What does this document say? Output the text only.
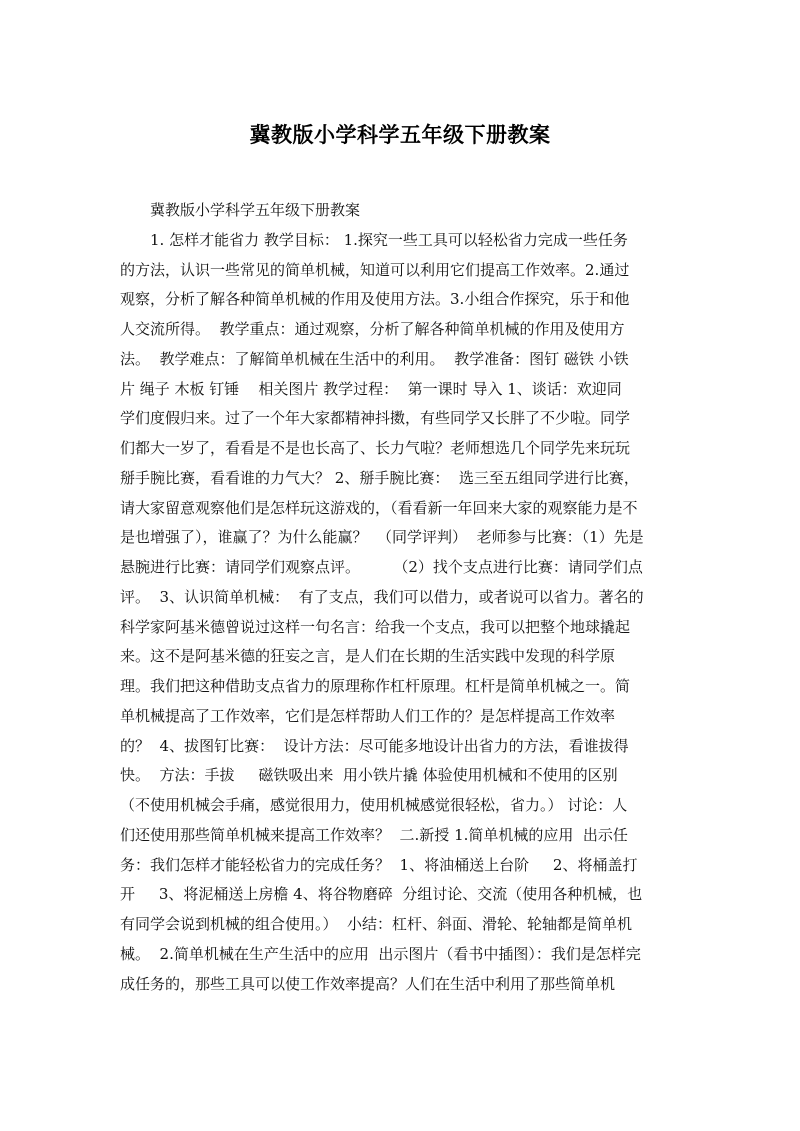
冀教版小学科学五年级下册教案
冀教版小学科学五年级下册教案
1. 怎样才能省力 教学目标： 1.探究一些工具可以轻松省力完成一些任务
的方法，认识一些常见的简单机械，知道可以利用它们提高工作效率。2.通过
观察，分析了解各种简单机械的作用及使用方法。3.小组合作探究，乐于和他
人交流所得。  教学重点：通过观察，分析了解各种简单机械的作用及使用方
法。  教学难点：了解简单机械在生活中的利用。  教学准备：图钉 磁铁 小铁
片 绳子 木板 钉锤    相关图片 教学过程：  第一课时 导入 1、谈话：欢迎同
学们度假归来。过了一个年大家都精神抖擞，有些同学又长胖了不少啦。同学
们都大一岁了，看看是不是也长高了、长力气啦？老师想选几个同学先来玩玩
掰手腕比赛，看看谁的力气大？ 2、掰手腕比赛：  选三至五组同学进行比赛，
请大家留意观察他们是怎样玩这游戏的，（看看新一年回来大家的观察能力是不
是也增强了），谁赢了？为什么能赢？  （同学评判）  老师参与比赛：（1）先是
悬腕进行比赛：请同学们观察点评。       （2）找个支点进行比赛：请同学们点
评。  3、认识简单机械：  有了支点，我们可以借力，或者说可以省力。著名的
科学家阿基米德曾说过这样一句名言：给我一个支点，我可以把整个地球撬起
来。这不是阿基米德的狂妄之言，是人们在长期的生活实践中发现的科学原
理。我们把这种借助支点省力的原理称作杠杆原理。杠杆是简单机械之一。简
单机械提高了工作效率，它们是怎样帮助人们工作的？是怎样提高工作效率
的？  4、拔图钉比赛：  设计方法：尽可能多地设计出省力的方法，看谁拔得
快。  方法：手拔     磁铁吸出来  用小铁片撬 体验使用机械和不使用的区别
（不使用机械会手痛，感觉很用力，使用机械感觉很轻松，省力。） 讨论：人
们还使用那些简单机械来提高工作效率？  二.新授 1.简单机械的应用  出示任
务：我们怎样才能轻松省力的完成任务？  1、将油桶送上台阶     2、将桶盖打
开     3、将泥桶送上房檐 4、将谷物磨碎  分组讨论、交流（使用各种机械，也
有同学会说到机械的组合使用。）  小结：杠杆、斜面、滑轮、轮轴都是简单机
械。  2.简单机械在生产生活中的应用  出示图片（看书中插图）：我们是怎样完
成任务的，那些工具可以使工作效率提高？人们在生活中利用了那些简单机
